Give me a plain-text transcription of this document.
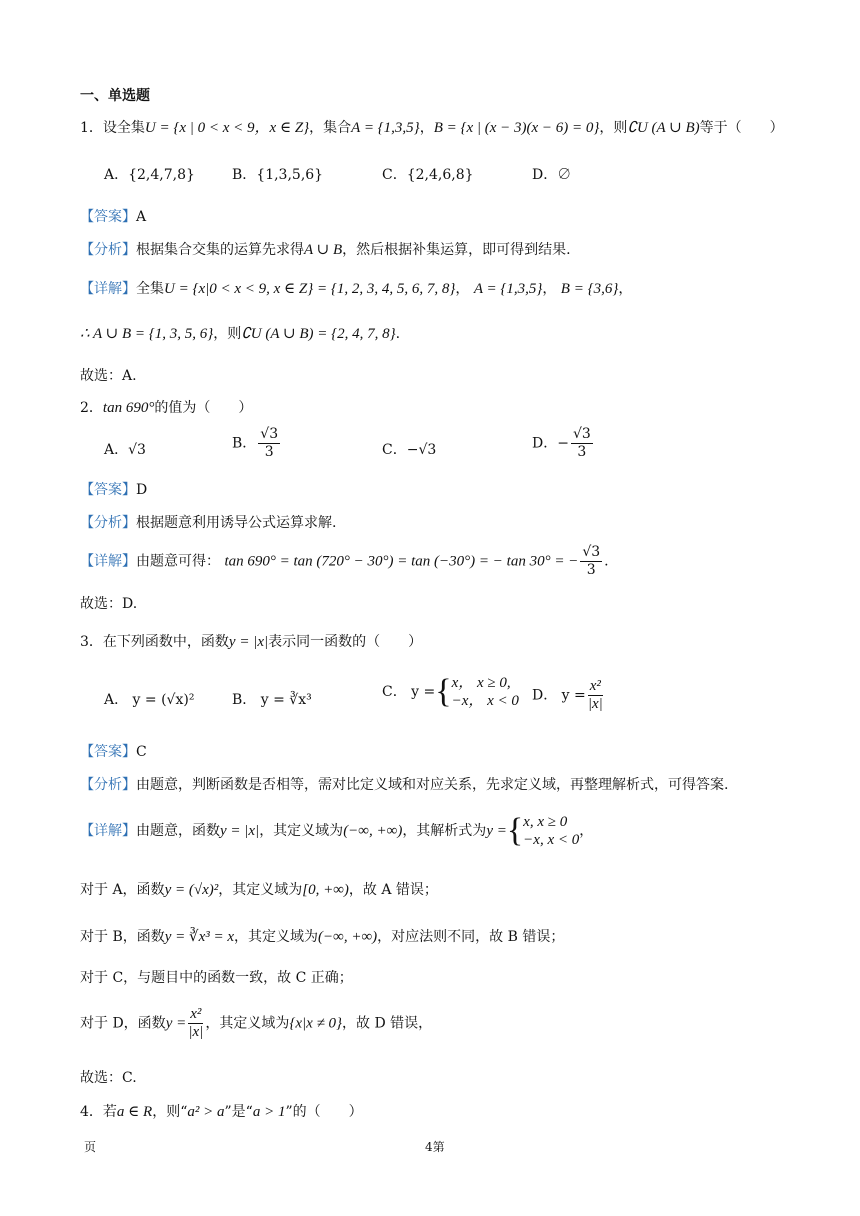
一、单选题
1．设全集U = {x | 0 < x < 9，x ∈ Z}，集合A = {1,3,5}，B = {x | (x − 3)(x − 6) = 0}，则∁U (A ∪ B)等于（　　）
A．{2,4,7,8}	B．{1,3,5,6}	C．{2,4,6,8}	D．∅
【答案】A
【分析】根据集合交集的运算先求得A ∪ B，然后根据补集运算，即可得到结果.
【详解】全集U = {x|0 < x < 9, x ∈ Z} = {1, 2, 3, 4, 5, 6, 7, 8}， A = {1,3,5}， B = {3,6}，
∴ A ∪ B = {1, 3, 5, 6}，则∁U (A ∪ B) = {2, 4, 7, 8}.
故选：A.
2．tan 690°的值为（　　）
A．√3	B． $\frac{√3}{3}$	C．−√3	D．− $\frac{√3}{3}$
【答案】D
【分析】根据题意利用诱导公式运算求解.
【详解】由题意可得： tan 690° = tan (720° − 30°) = tan (−30°) = − tan 30° = − $\frac{√3}{3}$ .
故选：D.
3．在下列函数中，函数y = |x|表示同一函数的（　　）
A． y = (√x)²	B． y = ∛x³	C． y ={ x， x ≥ 0,
−x， x < 0 D． $y = \frac{\text{x²}}{|x|}$
【答案】C
【分析】由题意，判断函数是否相等，需对比定义域和对应关系，先求定义域，再整理解析式，可得答案.
【详解】由题意，函数y = |x|，其定义域为(−∞, +∞)，其解析式为y ={ x, x ≥ 0
−x, x < 0
，
对于 A，函数y = (√x)²，其定义域为[0, +∞)，故 A 错误；
对于 B，函数y = ∛x³ = x，其定义域为(−∞, +∞)，对应法则不同，故 B 错误；
对于 C，与题目中的函数一致，故 C 正确；
对于 D，函数$y = \frac{\text{x²}}{|x|}$ ，其定义域为{x|x ≠ 0}，故 D 错误，
故选：C.
4．若a ∈ R，则“a² > a”是“a > 1”的（　　）
页	4第
